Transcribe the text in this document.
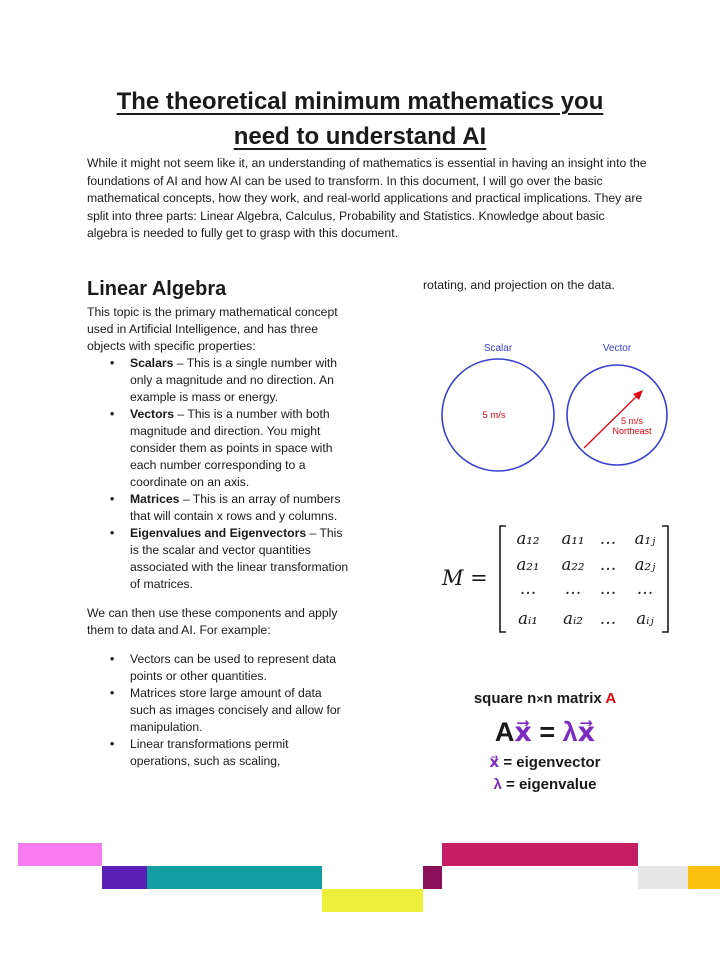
The theoretical minimum mathematics you
need to understand AI
While it might not seem like it, an understanding of mathematics is essential in having an insight into the foundations of AI and how AI can be used to transform. In this document, I will go over the basic mathematical concepts, how they work, and real-world applications and practical implications. They are split into three parts: Linear Algebra, Calculus, Probability and Statistics. Knowledge about basic algebra is needed to fully get to grasp with this document.
Linear Algebra

This topic is the primary mathematical concept used in Artificial Intelligence, and has three objects with specific properties:

• Scalars – This is a single number with only a magnitude and no direction. An example is mass or energy.
• Vectors – This is a number with both magnitude and direction. You might consider them as points in space with each number corresponding to a coordinate on an axis.
• Matrices – This is an array of numbers that will contain x rows and y columns.
• Eigenvalues and Eigenvectors – This is the scalar and vector quantities associated with the linear transformation of matrices.

We can then use these components and apply them to data and AI. For example:

• Vectors can be used to represent data points or other quantities.
• Matrices store large amount of data such as images concisely and allow for manipulation.
• Linear transformations permit operations, such as scaling,
rotating, and projection on the data.
Scalar
5 m/s
Vector
5 m/s
Northeast
M =
a₁₂ a₁₁ … a₁ⱼ
a₂₁ a₂₂ … a₂ⱼ
… … … …
aᵢ₁ aᵢ₂ … aᵢⱼ
square n×n matrix A
Ax⃗ = λx⃗
x⃗ = eigenvector
λ = eigenvalue
